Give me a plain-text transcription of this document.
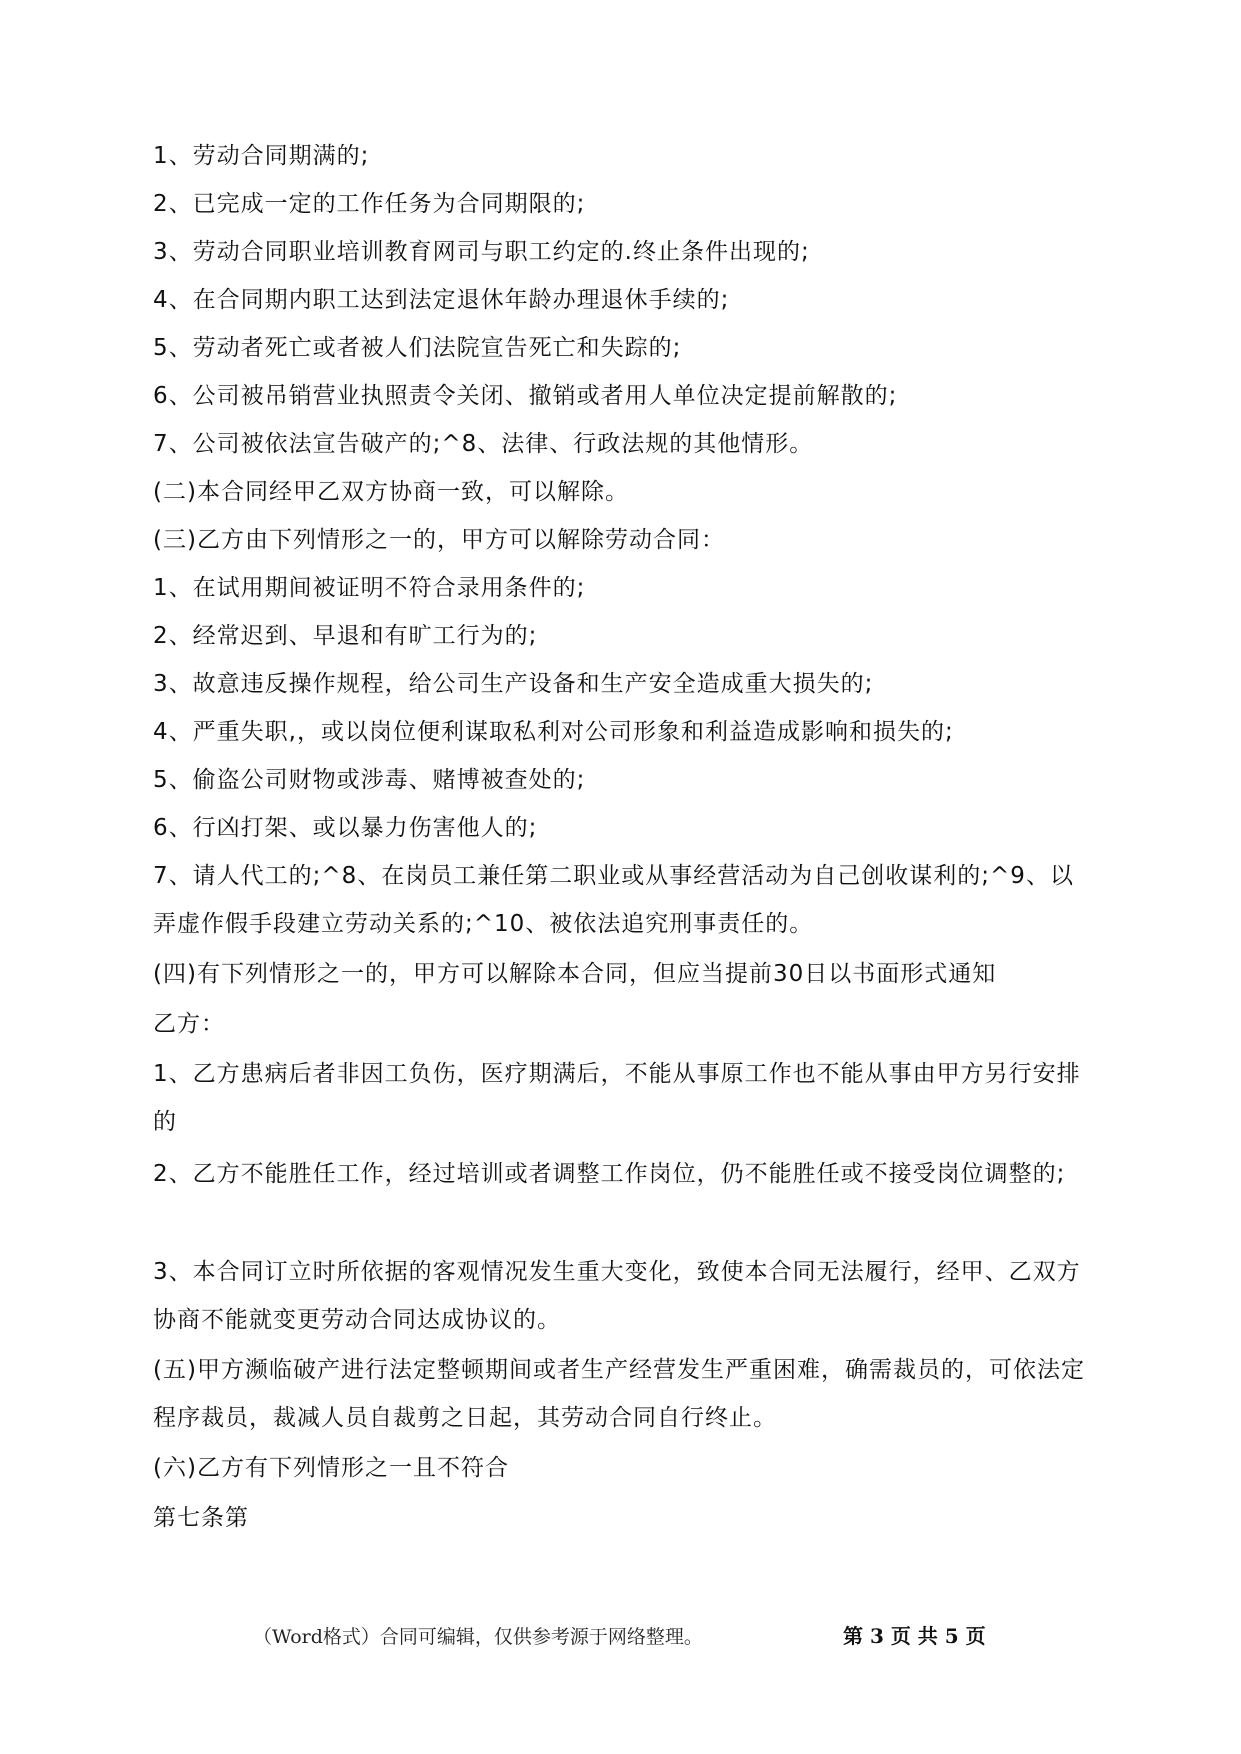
1、劳动合同期满的;

2、已完成一定的工作任务为合同期限的;

3、劳动合同职业培训教育网司与职工约定的.终止条件出现的;

4、在合同期内职工达到法定退休年龄办理退休手续的;

5、劳动者死亡或者被人们法院宣告死亡和失踪的;

6、公司被吊销营业执照责令关闭、撤销或者用人单位决定提前解散的;

7、公司被依法宣告破产的;^8、法律、行政法规的其他情形。

(二)本合同经甲乙双方协商一致，可以解除。

(三)乙方由下列情形之一的，甲方可以解除劳动合同：

1、在试用期间被证明不符合录用条件的;

2、经常迟到、早退和有旷工行为的;

3、故意违反操作规程，给公司生产设备和生产安全造成重大损失的;

4、严重失职,，或以岗位便利谋取私利对公司形象和利益造成影响和损失的;

5、偷盗公司财物或涉毒、赌博被查处的;

6、行凶打架、或以暴力伤害他人的;

7、请人代工的;^8、在岗员工兼任第二职业或从事经营活动为自己创收谋利的;^9、以弄虚作假手段建立劳动关系的;^10、被依法追究刑事责任的。

(四)有下列情形之一的，甲方可以解除本合同，但应当提前30日以书面形式通知

乙方：

1、乙方患病后者非因工负伤，医疗期满后，不能从事原工作也不能从事由甲方另行安排的

2、乙方不能胜任工作，经过培训或者调整工作岗位，仍不能胜任或不接受岗位调整的;

3、本合同订立时所依据的客观情况发生重大变化，致使本合同无法履行，经甲、乙双方协商不能就变更劳动合同达成协议的。

(五)甲方濒临破产进行法定整顿期间或者生产经营发生严重困难，确需裁员的，可依法定程序裁员，裁减人员自裁剪之日起，其劳动合同自行终止。

(六)乙方有下列情形之一且不符合

第七条第

（Word格式）合同可编辑，仅供参考源于网络整理。	第 3 页 共 5 页
